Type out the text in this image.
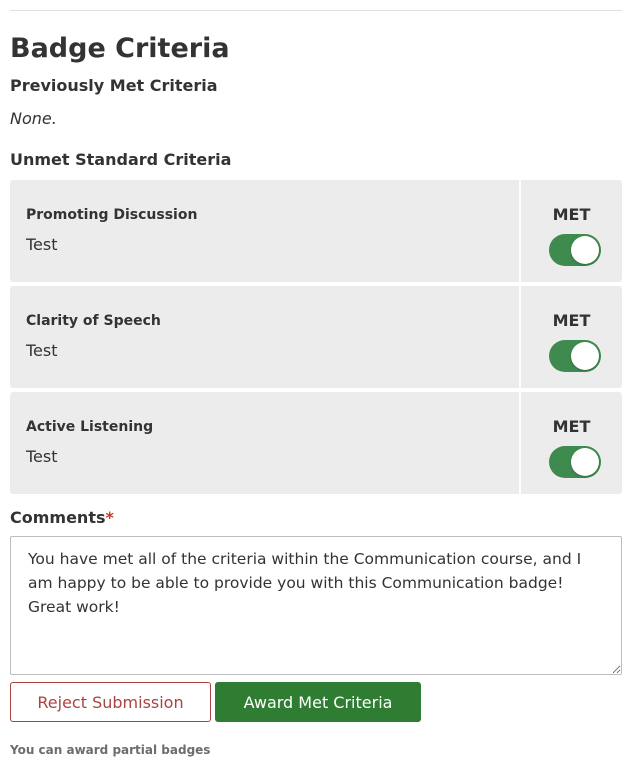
Badge Criteria
Previously Met Criteria
None.
Unmet Standard Criteria
Promoting Discussion
Test
MET
Clarity of Speech
Test
MET
Active Listening
Test
MET
Comments*
You have met all of the criteria within the Communication course, and I am happy to be able to provide you with this Communication badge! Great work!
Reject Submission	Award Met Criteria
You can award partial badges
